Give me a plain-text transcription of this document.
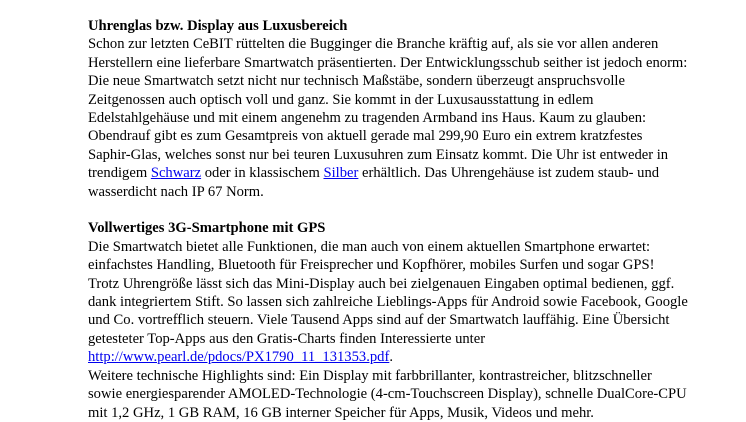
Uhrenglas bzw. Display aus Luxusbereich

Schon zur letzten CeBIT rüttelten die Bugginger die Branche kräftig auf, als sie vor allen anderen Herstellern eine lieferbare Smartwatch präsentierten. Der Entwicklungsschub seither ist jedoch enorm: Die neue Smartwatch setzt nicht nur technisch Maßstäbe, sondern überzeugt anspruchsvolle Zeitgenossen auch optisch voll und ganz. Sie kommt in der Luxusausstattung in edlem Edelstahlgehäuse und mit einem angenehm zu tragenden Armband ins Haus. Kaum zu glauben: Obendrauf gibt es zum Gesamtpreis von aktuell gerade mal 299,90 Euro ein extrem kratzfestes Saphir-Glas, welches sonst nur bei teuren Luxusuhren zum Einsatz kommt. Die Uhr ist entweder in trendigem Schwarz oder in klassischem Silber erhältlich. Das Uhrengehäuse ist zudem staub- und wasserdicht nach IP 67 Norm.

Vollwertiges 3G-Smartphone mit GPS

Die Smartwatch bietet alle Funktionen, die man auch von einem aktuellen Smartphone erwartet: einfachstes Handling, Bluetooth für Freisprecher und Kopfhörer, mobiles Surfen und sogar GPS! Trotz Uhrengröße lässt sich das Mini-Display auch bei zielgenauen Eingaben optimal bedienen, ggf. dank integriertem Stift. So lassen sich zahlreiche Lieblings-Apps für Android sowie Facebook, Google und Co. vortrefflich steuern. Viele Tausend Apps sind auf der Smartwatch lauffähig. Eine Übersicht getesteter Top-Apps aus den Gratis-Charts finden Interessierte unter http://www.pearl.de/pdocs/PX1790_11_131353.pdf.

Weitere technische Highlights sind: Ein Display mit farbbrillanter, kontrastreicher, blitzschneller sowie energiesparender AMOLED-Technologie (4-cm-Touchscreen Display), schnelle DualCore-CPU mit 1,2 GHz, 1 GB RAM, 16 GB interner Speicher für Apps, Musik, Videos und mehr.
